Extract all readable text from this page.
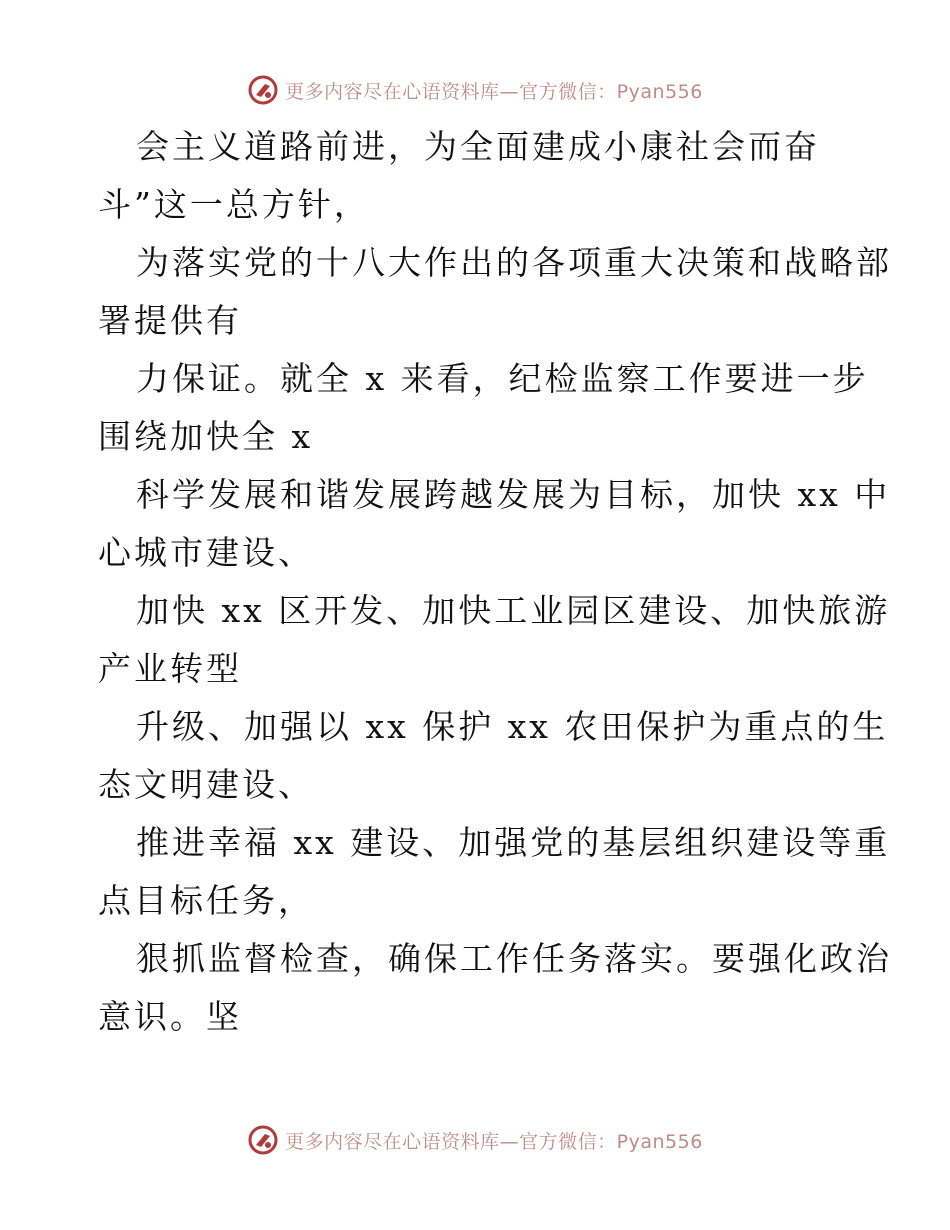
更多内容尽在心语资料库—官方微信：Pyan556

会主义道路前进，为全面建成小康社会而奋
斗”这一总方针，

为落实党的十八大作出的各项重大决策和战略部
署提供有

力保证。就全 x 来看，纪检监察工作要进一步
围绕加快全 x

科学发展和谐发展跨越发展为目标，加快 xx 中
心城市建设、

加快 xx 区开发、加快工业园区建设、加快旅游
产业转型

升级、加强以 xx 保护 xx 农田保护为重点的生
态文明建设、

推进幸福 xx 建设、加强党的基层组织建设等重
点目标任务，

狠抓监督检查，确保工作任务落实。要强化政治
意识。坚

更多内容尽在心语资料库—官方微信：Pyan556
